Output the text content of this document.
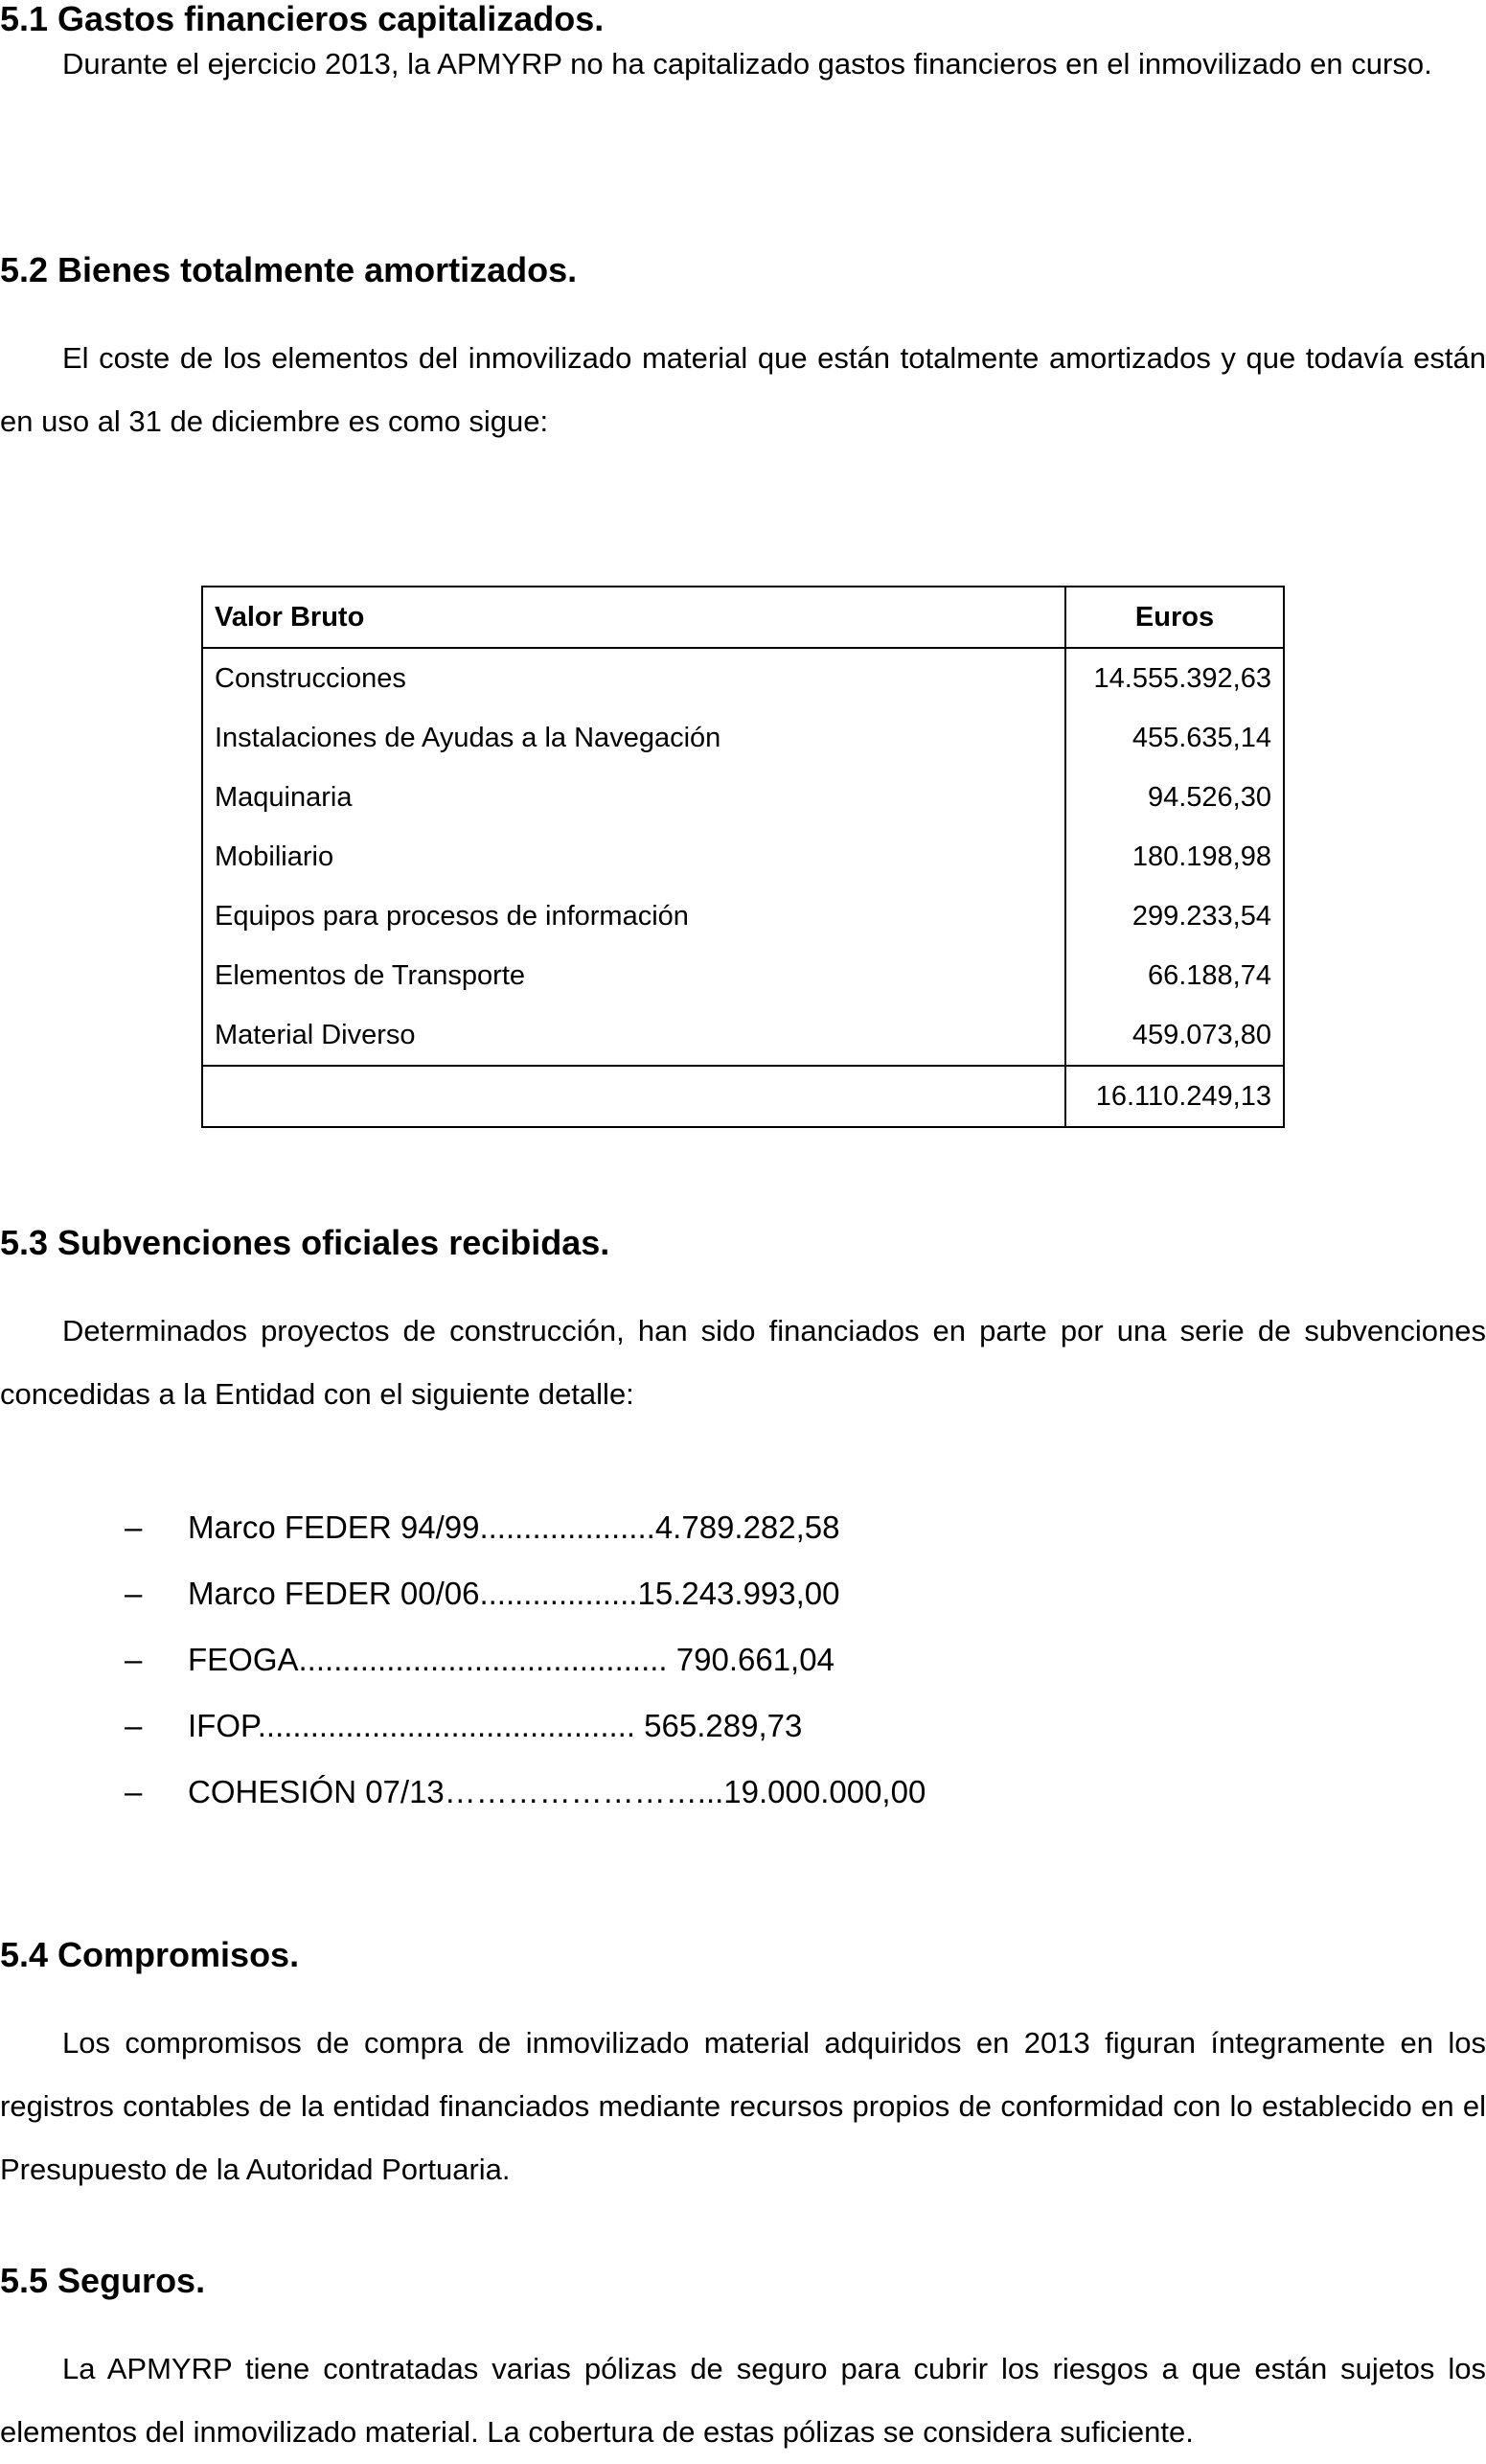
5.1 Gastos financieros capitalizados.

Durante el ejercicio 2013, la APMYRP no ha capitalizado gastos financieros en el inmovilizado en curso.

5.2 Bienes totalmente amortizados.

El coste de los elementos del inmovilizado material que están totalmente amortizados y que todavía están en uso al 31 de diciembre es como sigue:

Valor Bruto	Euros
Construcciones	14.555.392,63
Instalaciones de Ayudas a la Navegación	455.635,14
Maquinaria	94.526,30
Mobiliario	180.198,98
Equipos para procesos de información	299.233,54
Elementos de Transporte	66.188,74
Material Diverso	459.073,80
	16.110.249,13
5.3 Subvenciones oficiales recibidas.

Determinados proyectos de construcción, han sido financiados en parte por una serie de subvenciones concedidas a la Entidad con el siguiente detalle:

– Marco FEDER 94/99....................4.789.282,58
– Marco FEDER 00/06..................15.243.993,00
– FEOGA.......................................... 790.661,04
– IFOP........................................... 565.289,73
– COHESIÓN 07/13……………………...19.000.000,00
5.4 Compromisos.

Los compromisos de compra de inmovilizado material adquiridos en 2013 figuran íntegramente en los registros contables de la entidad financiados mediante recursos propios de conformidad con lo establecido en el Presupuesto de la Autoridad Portuaria.

5.5 Seguros.

La APMYRP tiene contratadas varias pólizas de seguro para cubrir los riesgos a que están sujetos los elementos del inmovilizado material. La cobertura de estas pólizas se considera suficiente.
